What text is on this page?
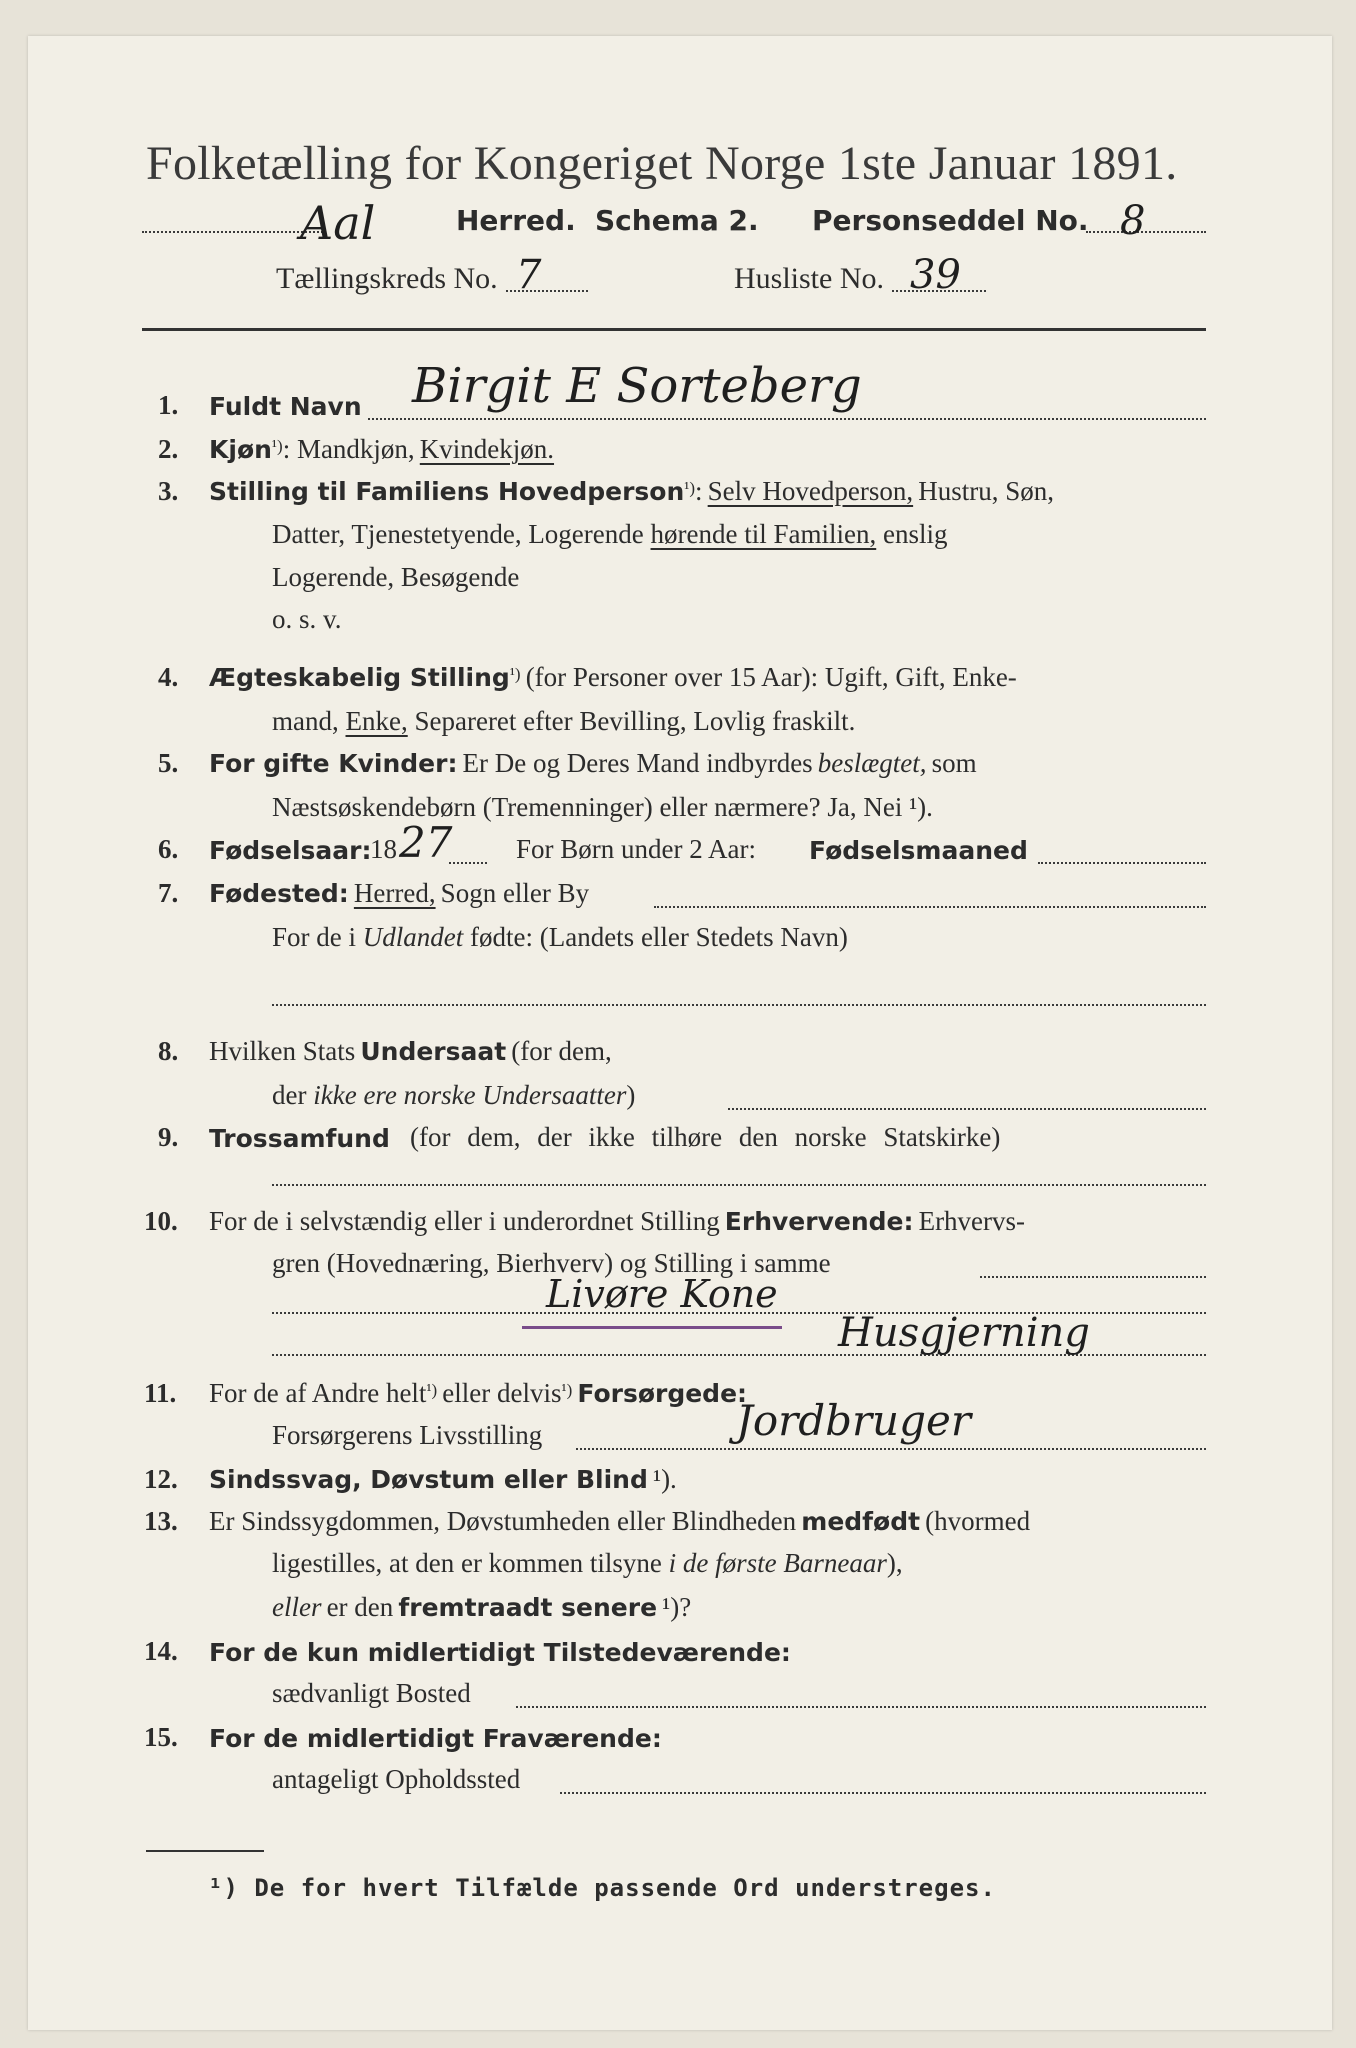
Folketælling for Kongeriget Norge 1ste Januar 1891.
Aal	Herred. Schema 2. Personseddel No. 8
Tællingskreds No. 7	Husliste No. 39
1. Fuldt Navn Birgit E Sorteberg
2. Kjøn$^{^1)}$: Mandkjøn, Kvindekjøn.
3. Stilling til Familiens Hovedperson$^{^1)}$: Selv Hovedperson, Hustru, Søn,
Datter, Tjenestetyende, Logerende hørende til Familien, enslig
Logerende, Besøgende
o. s. v.
4. Ægteskabelig Stilling$^{^1)}$ (for Personer over 15 Aar): Ugift, Gift, Enke-
mand, Enke, Separeret efter Bevilling, Lovlig fraskilt.
5. For gifte Kvinder: Er De og Deres Mand indbyrdes beslægtet, som
Næstsøskendebørn (Tremenninger) eller nærmere? Ja, Nei ¹).
6. Fødselsaar:
18 27 For Børn under 2 Aar: Fødselsmaaned
7. Fødested: Herred, Sogn eller By
For de i Udlandet fødte: (Landets eller Stedets Navn)
8. Hvilken Stats Undersaat (for dem,
der ikke ere norske Undersaatter)
9. Trossamfund (for dem, der ikke tilhøre den norske Statskirke)
10. For de i selvstændig eller i underordnet Stilling Erhvervende: Erhvervs-
gren (Hovednæring, Bierhverv) og Stilling i samme
Livøre Kone
Husgjerning
11. For de af Andre helt$^{^1)}$ eller delvis$^{^1)}$ Forsørgede:
Forsørgerens Livsstilling	Jordbruger
12. Sindssvag, Døvstum eller Blind ¹).
13. Er Sindssygdommen, Døvstumheden eller Blindheden medfødt (hvormed
ligestilles, at den er kommen tilsyne i de første Barneaar),
eller er den fremtraadt senere ¹)?
14. For de kun midlertidigt Tilstedeværende:
sædvanligt Bosted
15. For de midlertidigt Fraværende:
antageligt Opholdssted
¹) De for hvert Tilfælde passende Ord understreges.
